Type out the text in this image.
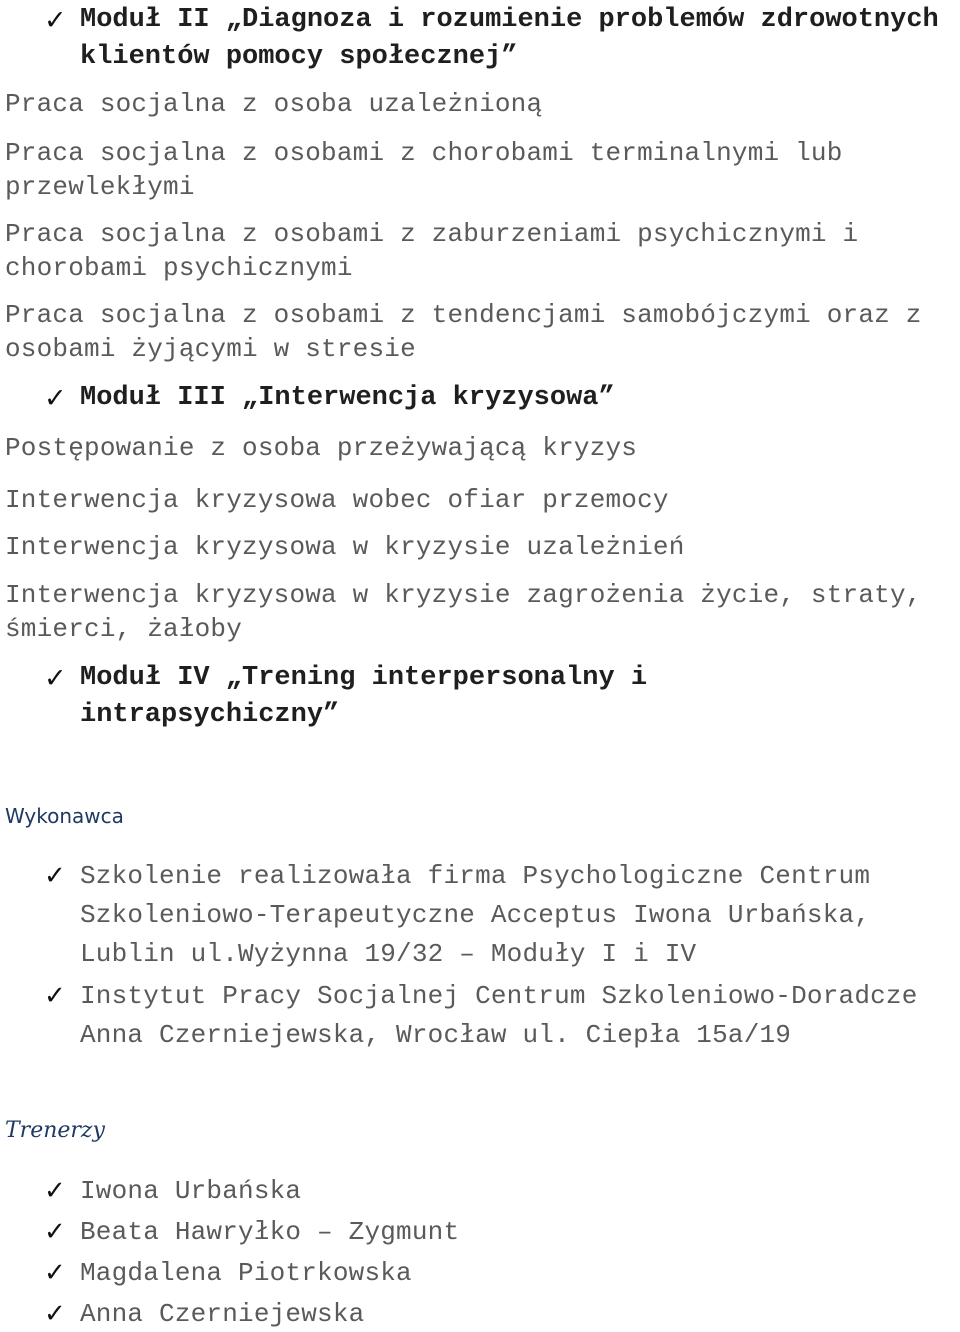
✓ Moduł II „Diagnoza i rozumienie problemów zdrowotnych klientów pomocy społecznej”
Praca socjalna z osoba uzależnioną
Praca socjalna z osobami z chorobami terminalnymi lub przewlekłymi
Praca socjalna z osobami z zaburzeniami psychicznymi i chorobami psychicznymi
Praca socjalna z osobami z tendencjami samobójczymi oraz z osobami żyjącymi w stresie
✓ Moduł III „Interwencja kryzysowa”
Postępowanie z osoba przeżywającą kryzys
Interwencja kryzysowa wobec ofiar przemocy
Interwencja kryzysowa w kryzysie uzależnień
Interwencja kryzysowa w kryzysie zagrożenia życie, straty, śmierci, żałoby
✓ Moduł IV „Trening interpersonalny i intrapsychiczny”
Wykonawca
✓ Szkolenie realizowała firma Psychologiczne Centrum Szkoleniowo-Terapeutyczne Acceptus Iwona Urbańska, Lublin ul.Wyżynna 19/32 – Moduły I i IV
✓ Instytut Pracy Socjalnej Centrum Szkoleniowo-Doradcze Anna Czerniejewska, Wrocław ul. Ciepła 15a/19
Trenerzy
✓ Iwona Urbańska
✓ Beata Hawryłko – Zygmunt
✓ Magdalena Piotrkowska
✓ Anna Czerniejewska
